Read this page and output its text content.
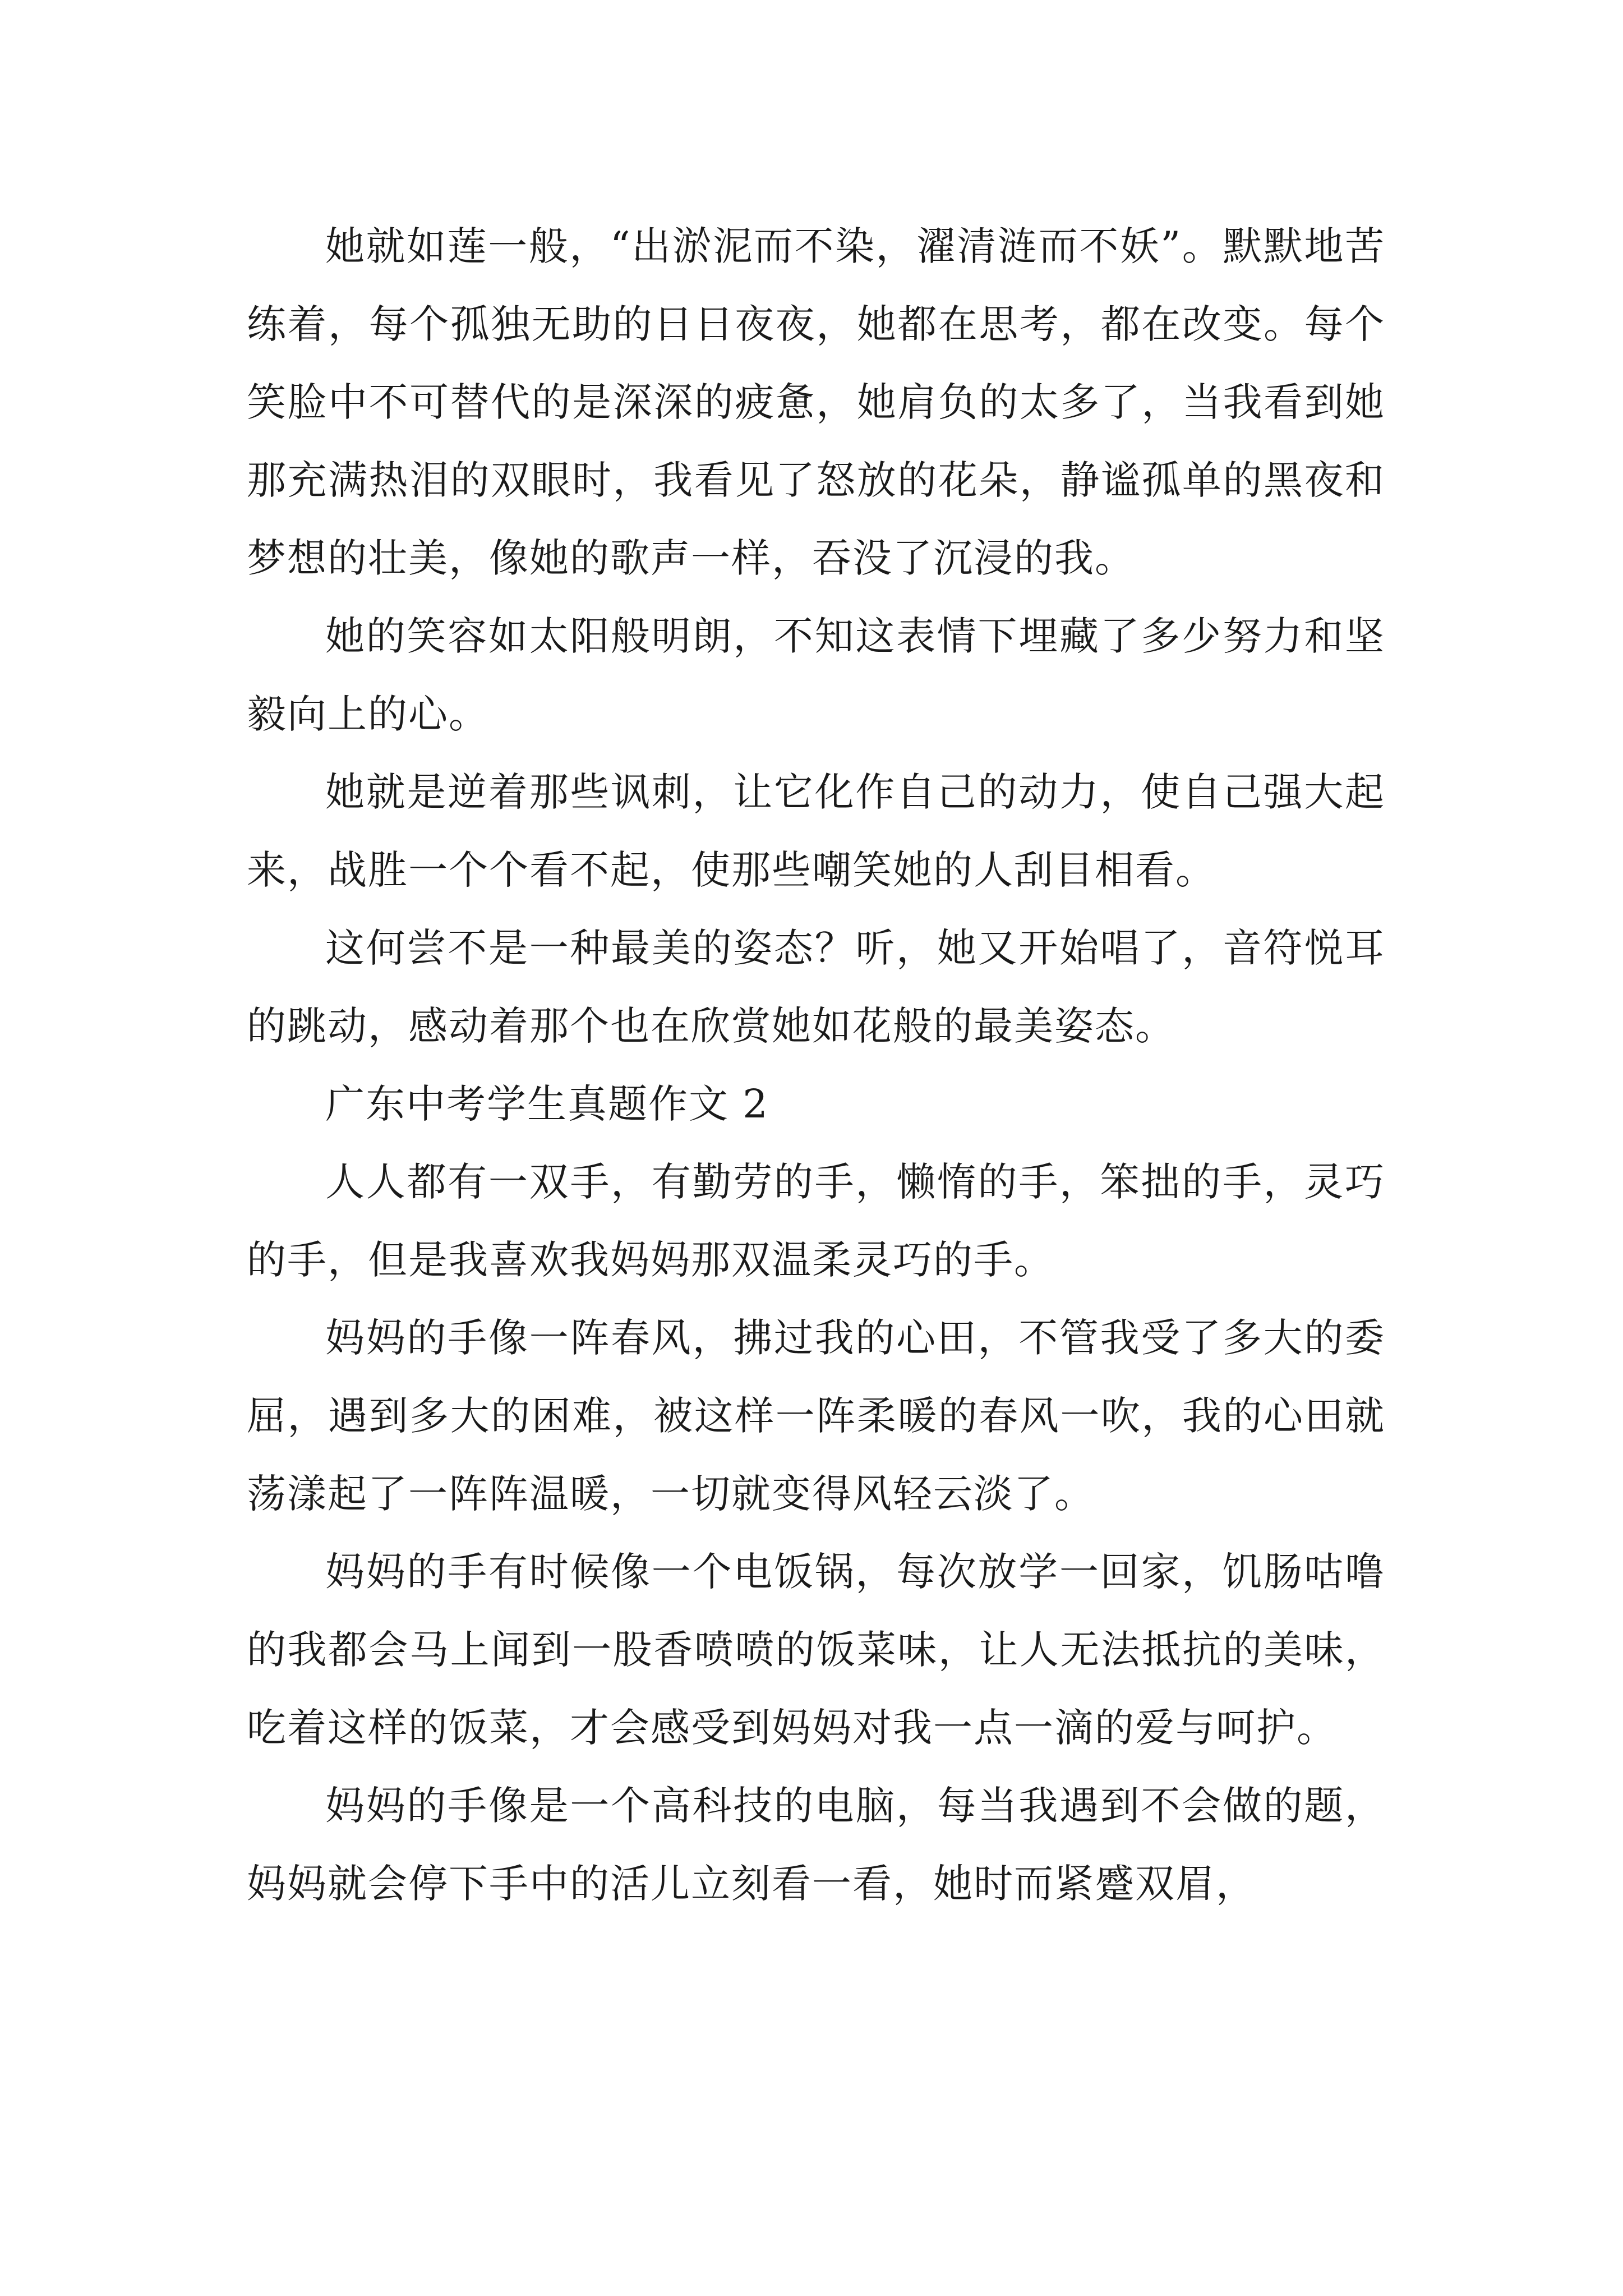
她就如莲一般，“出淤泥而不染，濯清涟而不妖”。默默地苦练着，每个孤独无助的日日夜夜，她都在思考，都在改变。每个笑脸中不可替代的是深深的疲惫，她肩负的太多了，当我看到她那充满热泪的双眼时，我看见了怒放的花朵，静谧孤单的黑夜和梦想的壮美，像她的歌声一样，吞没了沉浸的我。

她的笑容如太阳般明朗，不知这表情下埋藏了多少努力和坚毅向上的心。

她就是逆着那些讽刺，让它化作自己的动力，使自己强大起来，战胜一个个看不起，使那些嘲笑她的人刮目相看。

这何尝不是一种最美的姿态？听，她又开始唱了，音符悦耳的跳动，感动着那个也在欣赏她如花般的最美姿态。

广东中考学生真题作文 2

人人都有一双手，有勤劳的手，懒惰的手，笨拙的手，灵巧的手，但是我喜欢我妈妈那双温柔灵巧的手。

妈妈的手像一阵春风，拂过我的心田，不管我受了多大的委屈，遇到多大的困难，被这样一阵柔暖的春风一吹，我的心田就荡漾起了一阵阵温暖，一切就变得风轻云淡了。

妈妈的手有时候像一个电饭锅，每次放学一回家，饥肠咕噜的我都会马上闻到一股香喷喷的饭菜味，让人无法抵抗的美味，吃着这样的饭菜，才会感受到妈妈对我一点一滴的爱与呵护。

妈妈的手像是一个高科技的电脑，每当我遇到不会做的题，妈妈就会停下手中的活儿立刻看一看，她时而紧蹙双眉，
